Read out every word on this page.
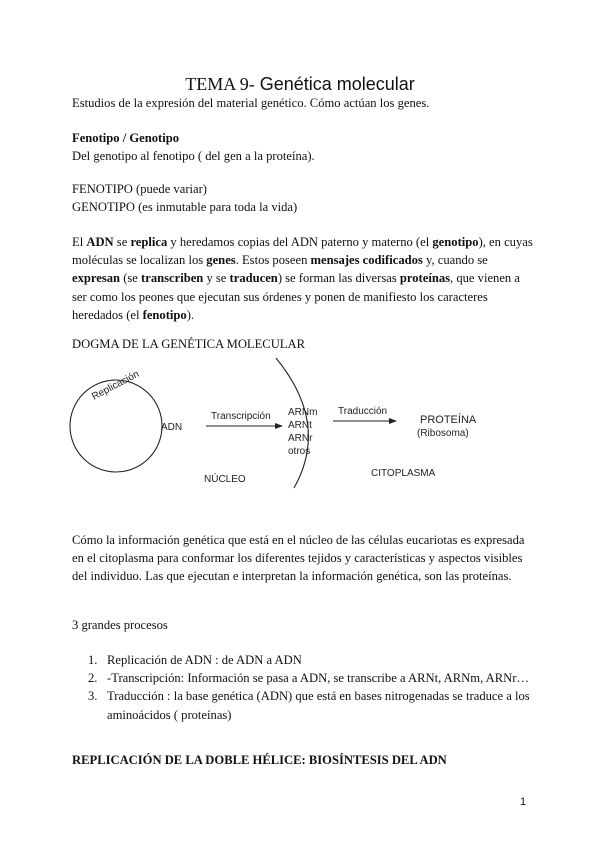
TEMA 9- Genética molecular

Estudios de la expresión del material genético. Cómo actúan los genes.

Fenotipo / Genotipo

Del genotipo al fenotipo ( del gen a la proteína).

FENOTIPO (puede variar)

GENOTIPO (es inmutable para toda la vida)

El ADN se replica y heredamos copias del ADN paterno y materno (el genotipo), en cuyas moléculas se localizan los genes. Estos poseen mensajes codificados y, cuando se expresan (se transcriben y se traducen) se forman las diversas proteínas, que vienen a ser como los peones que ejecutan sus órdenes y ponen de manifiesto los caracteres heredados (el fenotipo).

DOGMA DE LA GENÉTICA MOLECULAR

Replicación
ADN
Transcripción ARNm
ARNt
ARNr
otros
Traducción
PROTEÍNA
(Ribosoma)
NÚCLEO
CITOPLASMA

Cómo la información genética que está en el núcleo de las células eucariotas es expresada en el citoplasma para conformar los diferentes tejidos y características y aspectos visibles del individuo. Las que ejecutan e interpretan la información genética, son las proteínas.

3 grandes procesos

1. Replicación de ADN : de ADN a ADN
2. -Transcripción: Información se pasa a ADN, se transcribe a ARNt, ARNm, ARNr…
3. Traducción : la base genética (ADN) que está en bases nitrogenadas se traduce a los aminoácidos ( proteínas)

REPLICACIÓN DE LA DOBLE HÉLICE: BIOSÍNTESIS DEL ADN

1
